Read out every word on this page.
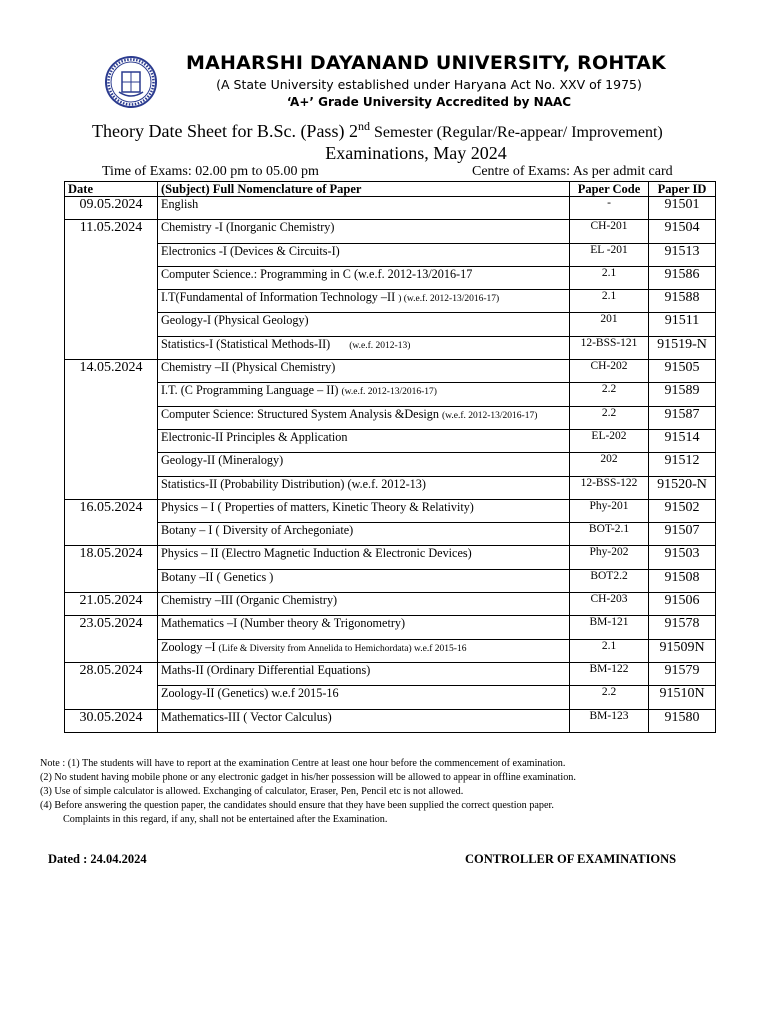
MAHARSHI DAYANAND UNIVERSITY, ROHTAK
(A State University established under Haryana Act No. XXV of 1975)
‘A+’ Grade University Accredited by NAAC
Theory Date Sheet for B.Sc. (Pass) 2nd Semester (Regular/Re-appear/ Improvement)
Examinations, May 2024
Time of Exams: 02.00 pm to 05.00 pm	Centre of Exams: As per admit card
Date	(Subject) Full Nomenclature of Paper	Paper Code	Paper ID
09.05.2024	English	-	91501
11.05.2024	Chemistry -I (Inorganic Chemistry)	CH-201	91504
	Electronics -I (Devices & Circuits-I)	EL -201	91513
	Computer Science.: Programming in C (w.e.f. 2012-13/2016-17	2.1	91586
	I.T(Fundamental of Information Technology –II ) (w.e.f. 2012-13/2016-17)	2.1	91588
	Geology-I (Physical Geology)	201	91511
	Statistics-I (Statistical Methods-II)        (w.e.f. 2012-13)	12-BSS-121	91519-N
14.05.2024	Chemistry –II (Physical Chemistry)	CH-202	91505
	I.T. (C Programming Language – II) (w.e.f. 2012-13/2016-17)	2.2	91589
	Computer Science: Structured System Analysis &Design (w.e.f. 2012-13/2016-17)	2.2	91587
	Electronic-II Principles & Application	EL-202	91514
	Geology-II (Mineralogy)	202	91512
	Statistics-II (Probability Distribution) (w.e.f. 2012-13)	12-BSS-122	91520-N
16.05.2024	Physics – I ( Properties of matters, Kinetic Theory & Relativity)	Phy-201	91502
	Botany – I ( Diversity of Archegoniate)	BOT-2.1	91507
18.05.2024	Physics – II (Electro Magnetic Induction & Electronic Devices)	Phy-202	91503
	Botany –II ( Genetics )	BOT2.2	91508
21.05.2024	Chemistry –III (Organic Chemistry)	CH-203	91506
23.05.2024	Mathematics –I (Number theory & Trigonometry)	BM-121	91578
	Zoology –I (Life & Diversity from Annelida to Hemichordata) w.e.f 2015-16	2.1	91509N
28.05.2024	Maths-II (Ordinary Differential Equations)	BM-122	91579
	Zoology-II (Genetics) w.e.f 2015-16	2.2	91510N
30.05.2024	Mathematics-III ( Vector Calculus)	BM-123	91580
Note : (1) The students will have to report at the examination Centre at least one hour before the commencement of examination.
(2) No student having mobile phone or any electronic gadget in his/her possession will be allowed to appear in offline examination.
(3) Use of simple calculator is allowed. Exchanging of calculator, Eraser, Pen, Pencil etc is not allowed.
(4) Before answering the question paper, the candidates should ensure that they have been supplied the correct question paper.
Complaints in this regard, if any, shall not be entertained after the Examination.
Dated : 24.04.2024	CONTROLLER OF EXAMINATIONS
